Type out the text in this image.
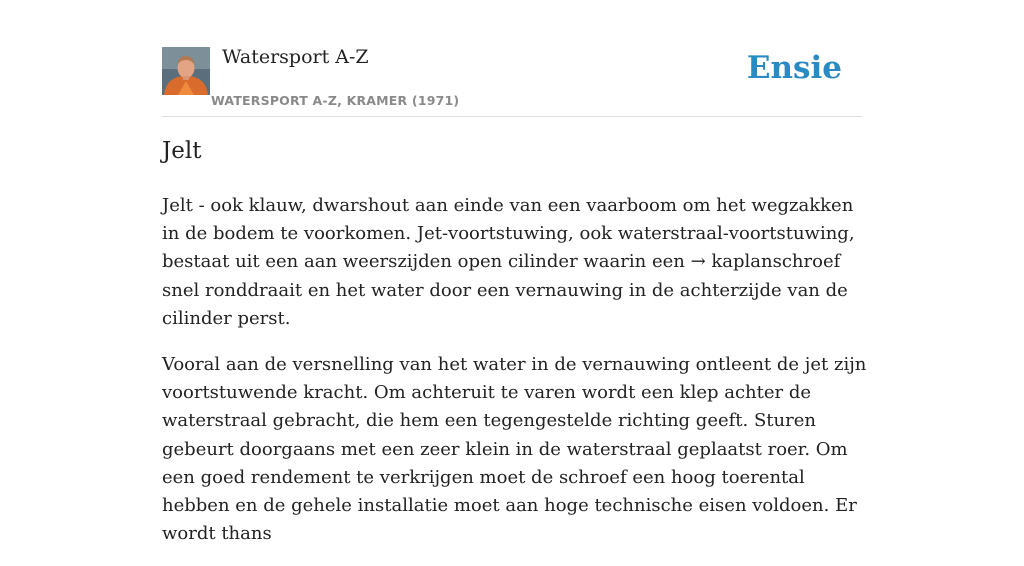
Watersport A-Z
WATERSPORT A-Z, KRAMER (1971)
Ensie
Jelt

Jelt - ook klauw, dwarshout aan einde van een vaarboom om het wegzakken in de bodem te voorkomen. Jet-voortstuwing, ook waterstraal-voortstuwing, bestaat uit een aan weerszijden open cilinder waarin een → kaplanschroef snel ronddraait en het water door een vernauwing in de achterzijde van de cilinder perst.

Vooral aan de versnelling van het water in de vernauwing ontleent de jet zijn voortstuwende kracht. Om achteruit te varen wordt een klep achter de waterstraal gebracht, die hem een tegengestelde richting geeft. Sturen gebeurt doorgaans met een zeer klein in de waterstraal geplaatst roer. Om een goed rendement te verkrijgen moet de schroef een hoog toerental hebben en de gehele installatie moet aan hoge technische eisen voldoen. Er wordt thans
